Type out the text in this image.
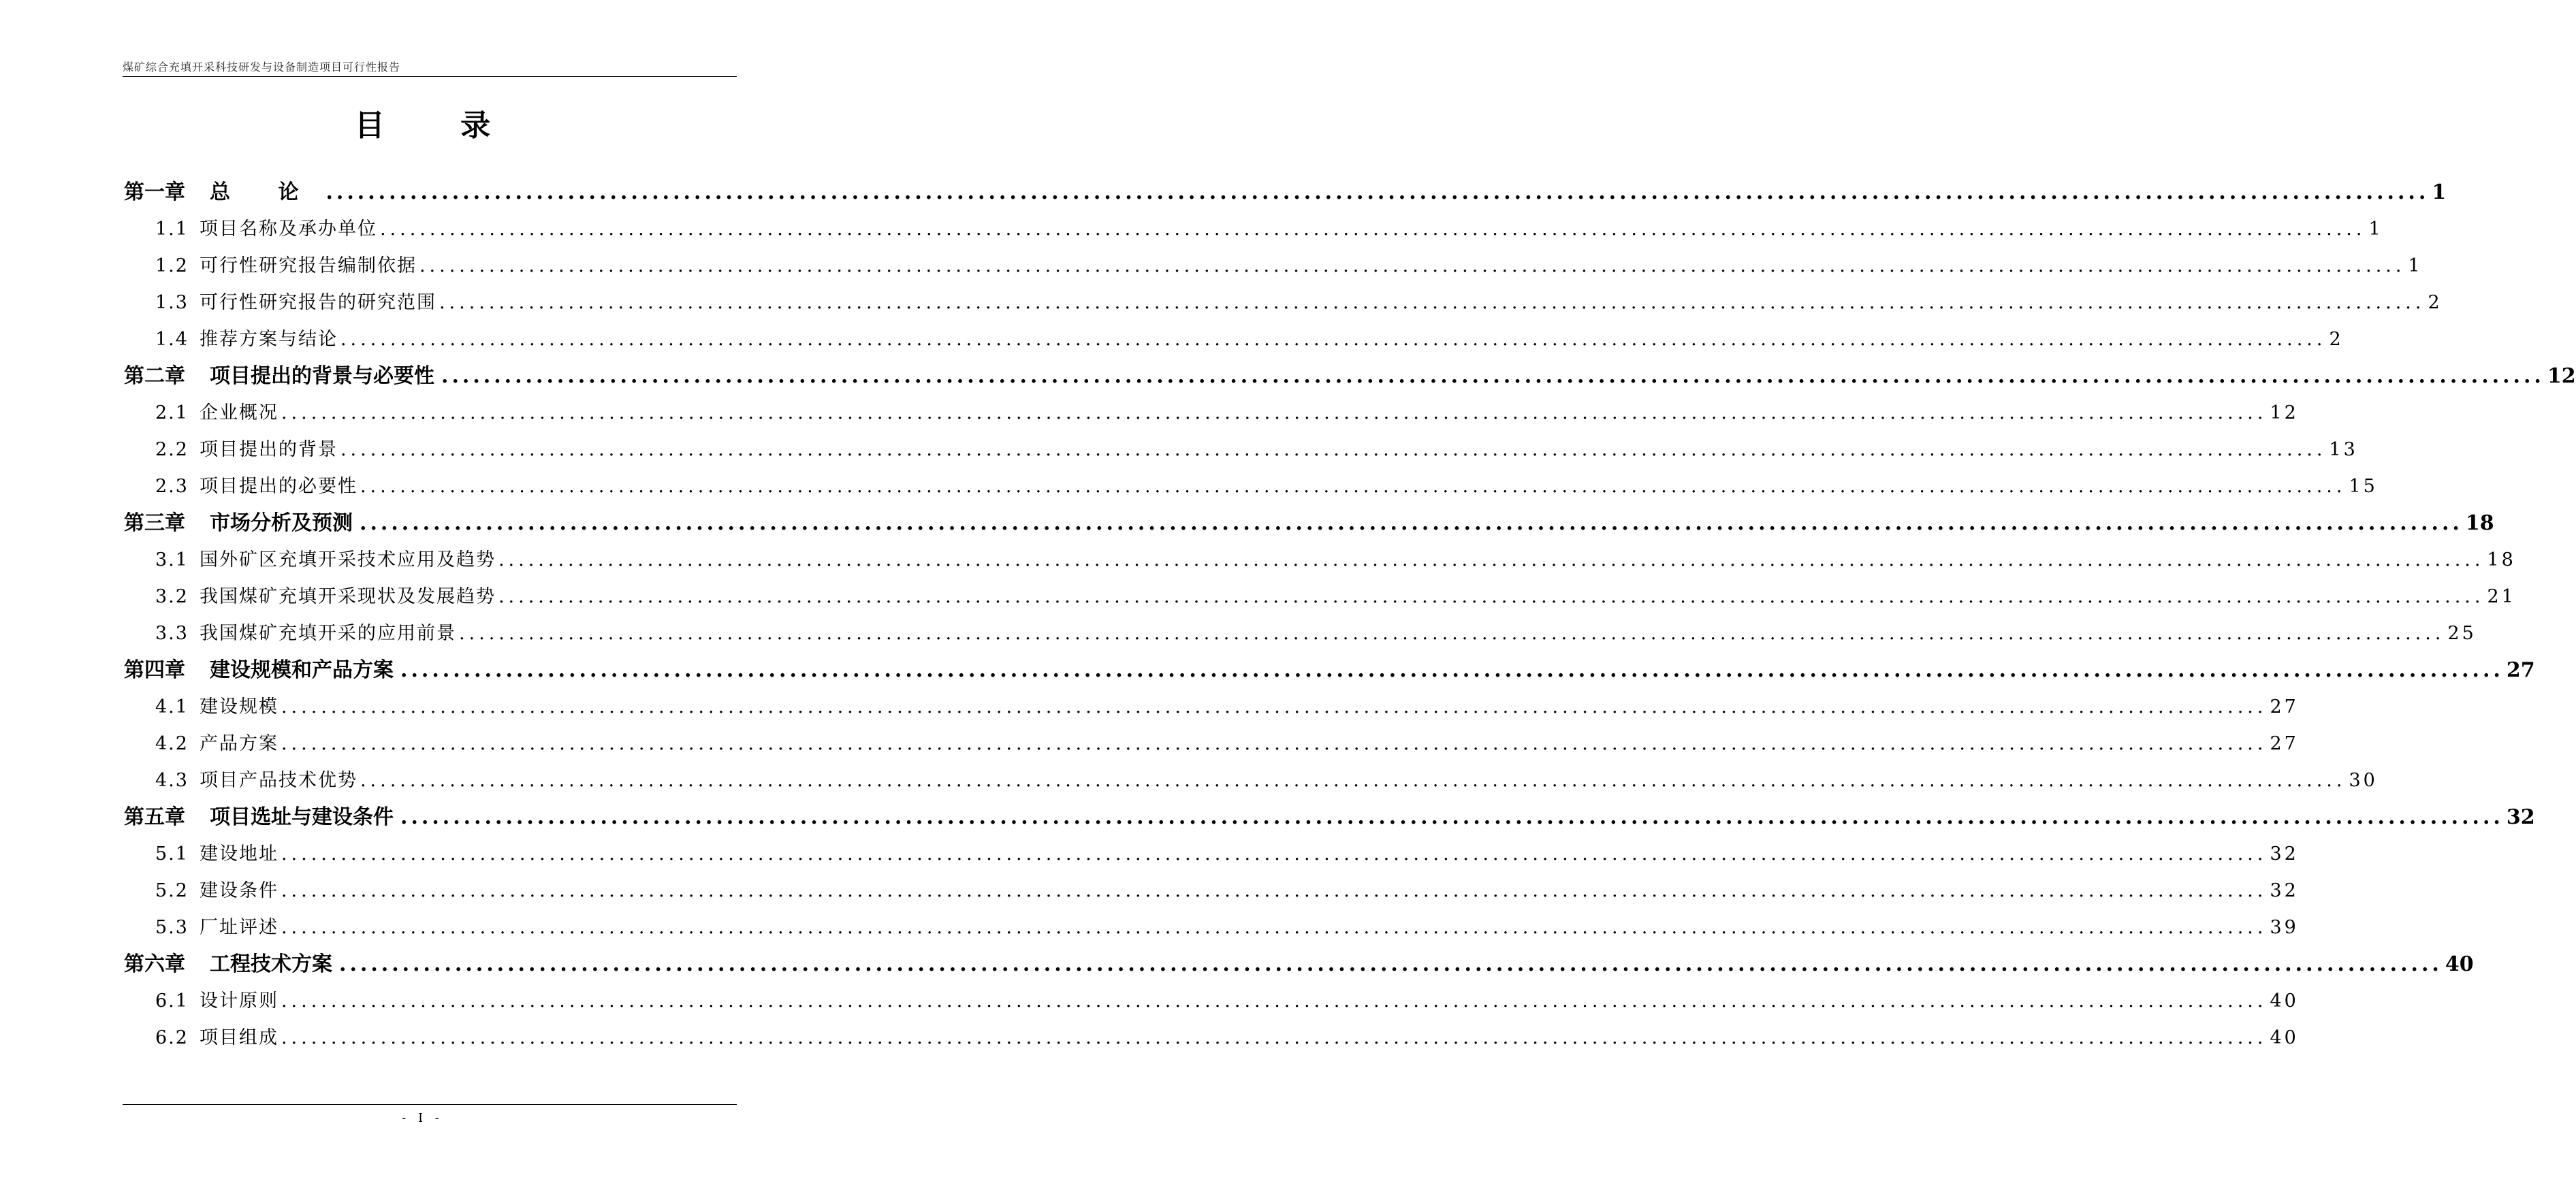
煤矿综合充填开采科技研发与设备制造项目可行性报告
目 录
第一章 总 论 ........................................................................................................................................................................................................ 1
1.1 项目名称及承办单位 ........................................................................................................................................................................................................ 1
1.2 可行性研究报告编制依据 ........................................................................................................................................................................................................ 1
1.3 可行性研究报告的研究范围 ........................................................................................................................................................................................................ 2
1.4 推荐方案与结论 ........................................................................................................................................................................................................ 2
第二章 项目提出的背景与必要性 ........................................................................................................................................................................................................ 12
2.1 企业概况 ........................................................................................................................................................................................................ 12
2.2 项目提出的背景 ........................................................................................................................................................................................................ 13
2.3 项目提出的必要性 ........................................................................................................................................................................................................ 15
第三章 市场分析及预测 ........................................................................................................................................................................................................ 18
3.1 国外矿区充填开采技术应用及趋势 ........................................................................................................................................................................................................ 18
3.2 我国煤矿充填开采现状及发展趋势 ........................................................................................................................................................................................................ 21
3.3 我国煤矿充填开采的应用前景 ........................................................................................................................................................................................................ 25
第四章 建设规模和产品方案 ........................................................................................................................................................................................................ 27
4.1 建设规模 ........................................................................................................................................................................................................ 27
4.2 产品方案 ........................................................................................................................................................................................................ 27
4.3 项目产品技术优势 ........................................................................................................................................................................................................ 30
第五章 项目选址与建设条件 ........................................................................................................................................................................................................ 32
5.1 建设地址 ........................................................................................................................................................................................................ 32
5.2 建设条件 ........................................................................................................................................................................................................ 32
5.3 厂址评述 ........................................................................................................................................................................................................ 39
第六章 工程技术方案 ........................................................................................................................................................................................................ 40
6.1 设计原则 ........................................................................................................................................................................................................ 40
6.2 项目组成 ........................................................................................................................................................................................................ 40
- I -
